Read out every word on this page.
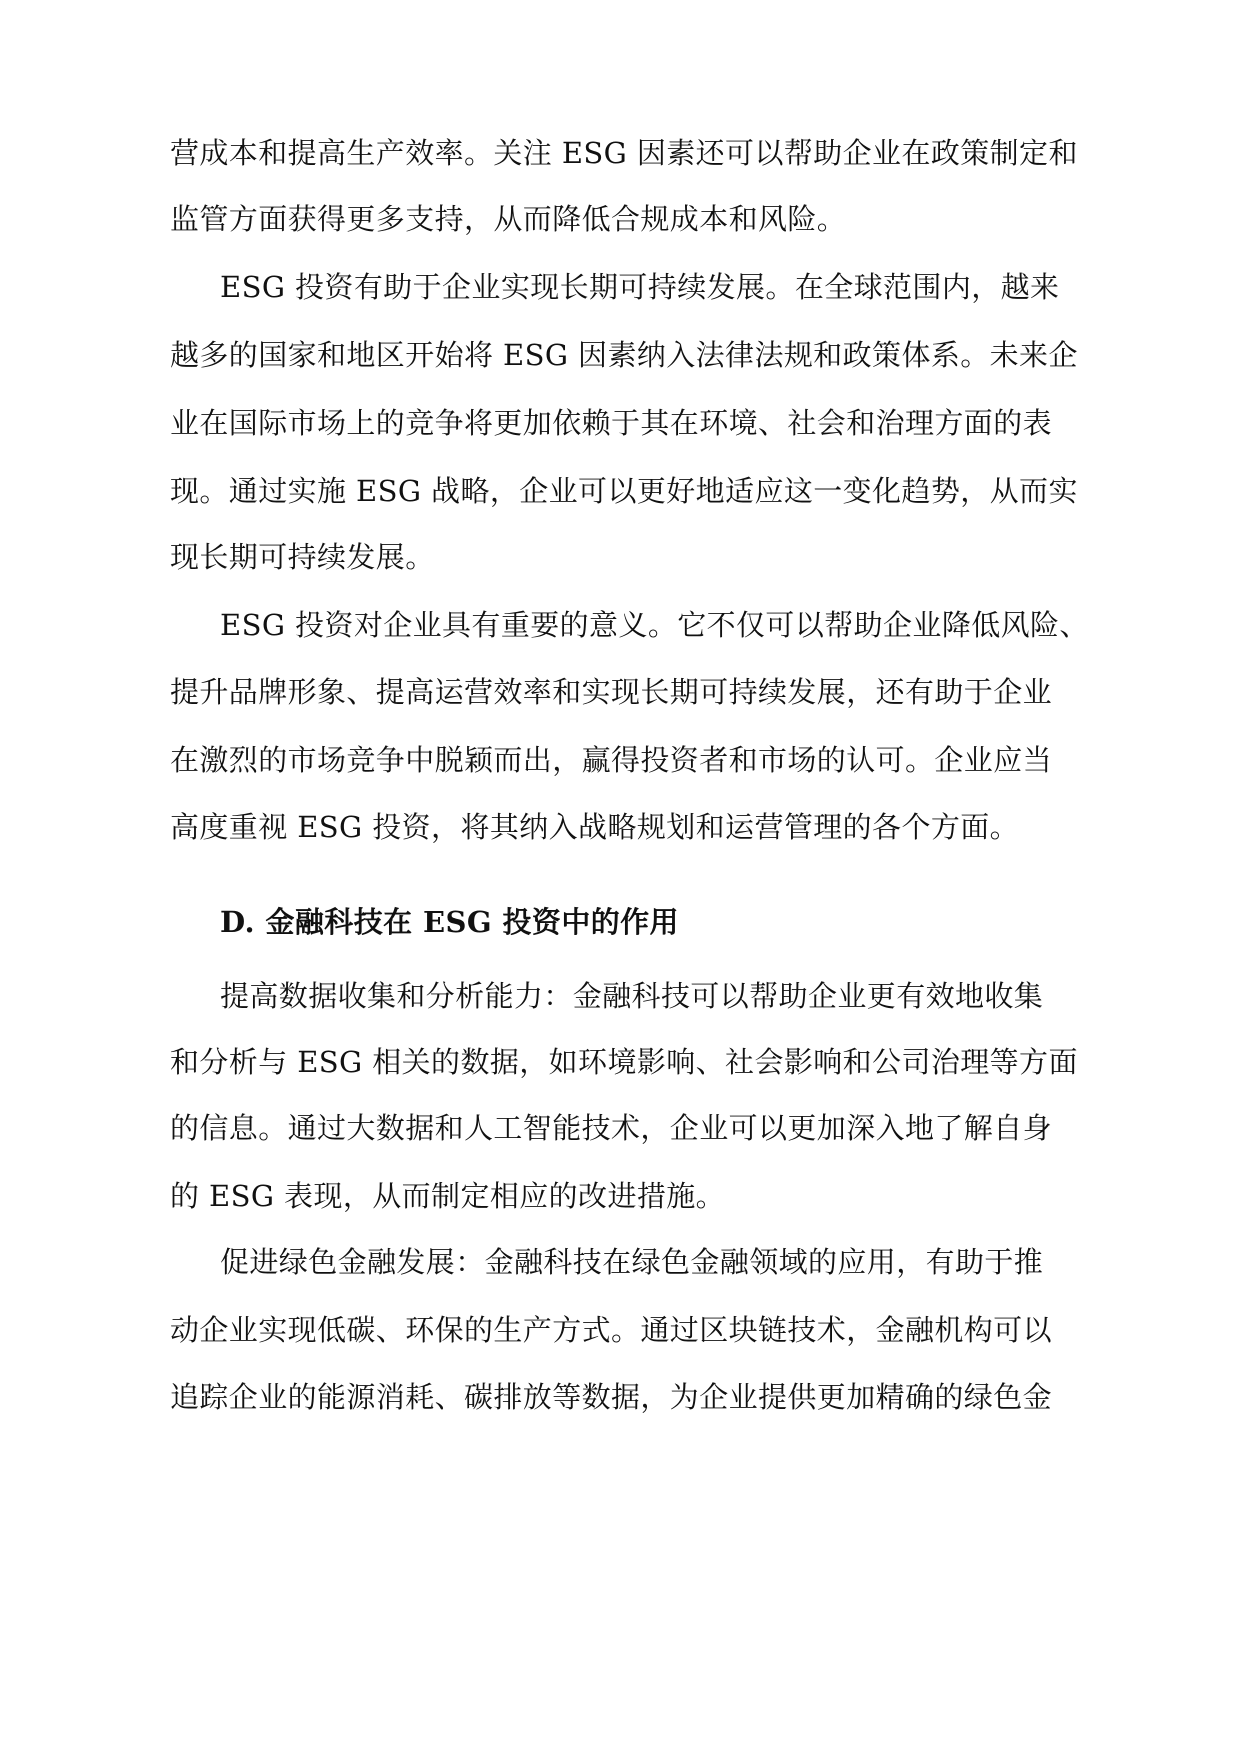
营成本和提高生产效率。关注 ESG 因素还可以帮助企业在政策制定和
监管方面获得更多支持，从而降低合规成本和风险。
ESG 投资有助于企业实现长期可持续发展。在全球范围内，越来
越多的国家和地区开始将 ESG 因素纳入法律法规和政策体系。未来企
业在国际市场上的竞争将更加依赖于其在环境、社会和治理方面的表
现。通过实施 ESG 战略，企业可以更好地适应这一变化趋势，从而实
现长期可持续发展。
ESG 投资对企业具有重要的意义。它不仅可以帮助企业降低风险、
提升品牌形象、提高运营效率和实现长期可持续发展，还有助于企业
在激烈的市场竞争中脱颖而出，赢得投资者和市场的认可。企业应当
高度重视 ESG 投资，将其纳入战略规划和运营管理的各个方面。
D. 金融科技在 ESG 投资中的作用
提高数据收集和分析能力：金融科技可以帮助企业更有效地收集
和分析与 ESG 相关的数据，如环境影响、社会影响和公司治理等方面
的信息。通过大数据和人工智能技术，企业可以更加深入地了解自身
的 ESG 表现，从而制定相应的改进措施。
促进绿色金融发展：金融科技在绿色金融领域的应用，有助于推
动企业实现低碳、环保的生产方式。通过区块链技术，金融机构可以
追踪企业的能源消耗、碳排放等数据，为企业提供更加精确的绿色金
